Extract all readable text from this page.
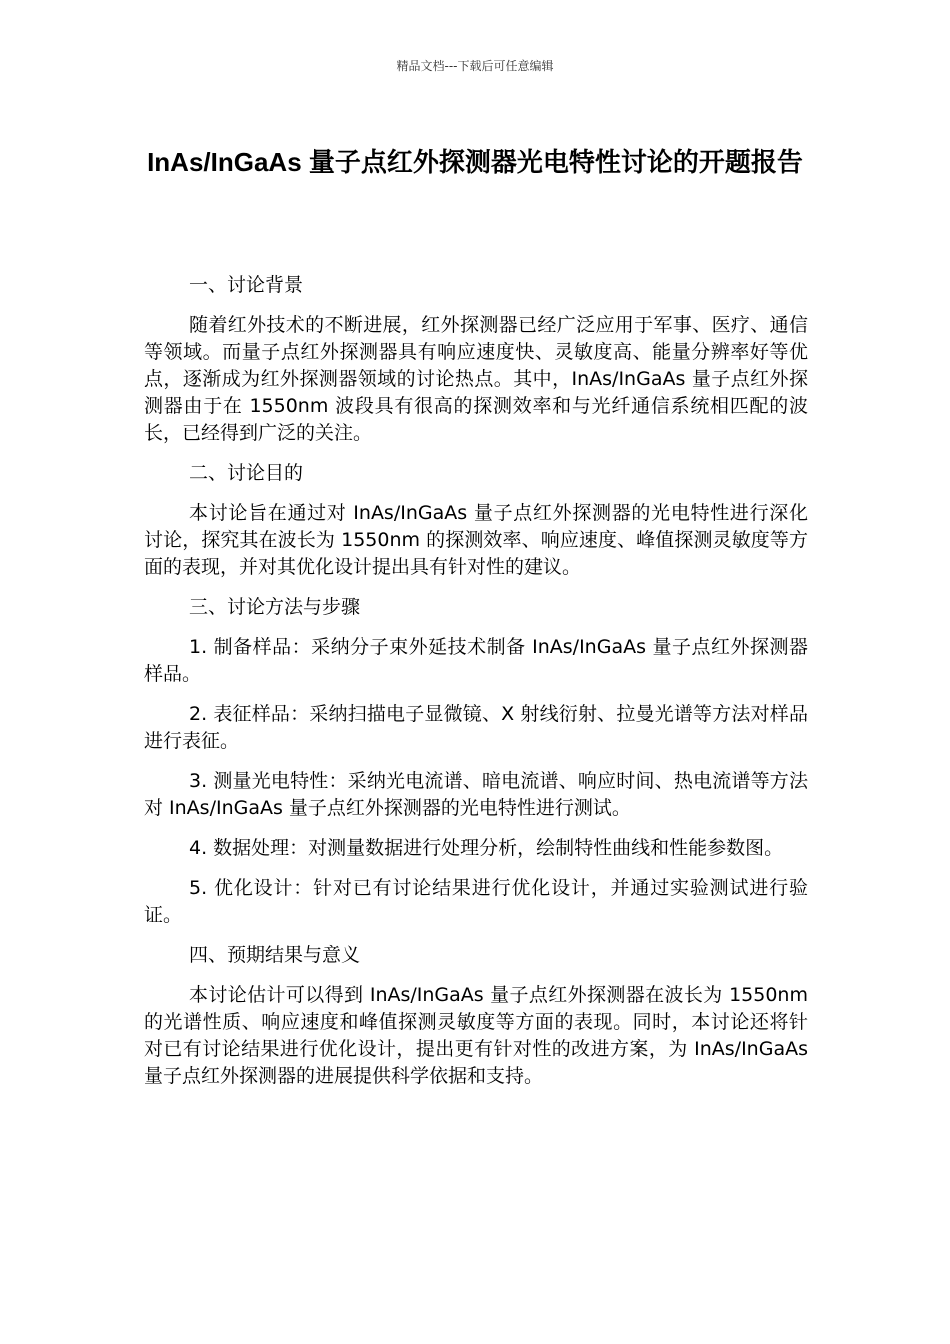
精品文档---下载后可任意编辑
InAs/InGaAs 量子点红外探测器光电特性讨论的开题报告

一、讨论背景

随着红外技术的不断进展，红外探测器已经广泛应用于军事、医疗、通信等领域。而量子点红外探测器具有响应速度快、灵敏度高、能量分辨率好等优点，逐渐成为红外探测器领域的讨论热点。其中，InAs/InGaAs 量子点红外探测器由于在 1550nm 波段具有很高的探测效率和与光纤通信系统相匹配的波长，已经得到广泛的关注。

二、讨论目的

本讨论旨在通过对 InAs/InGaAs 量子点红外探测器的光电特性进行深化讨论，探究其在波长为 1550nm 的探测效率、响应速度、峰值探测灵敏度等方面的表现，并对其优化设计提出具有针对性的建议。

三、讨论方法与步骤

1. 制备样品：采纳分子束外延技术制备 InAs/InGaAs 量子点红外探测器样品。

2. 表征样品：采纳扫描电子显微镜、X 射线衍射、拉曼光谱等方法对样品进行表征。

3. 测量光电特性：采纳光电流谱、暗电流谱、响应时间、热电流谱等方法对 InAs/InGaAs 量子点红外探测器的光电特性进行测试。

4. 数据处理：对测量数据进行处理分析，绘制特性曲线和性能参数图。

5. 优化设计：针对已有讨论结果进行优化设计，并通过实验测试进行验证。

四、预期结果与意义

本讨论估计可以得到 InAs/InGaAs 量子点红外探测器在波长为 1550nm 的光谱性质、响应速度和峰值探测灵敏度等方面的表现。同时，本讨论还将针对已有讨论结果进行优化设计，提出更有针对性的改进方案，为 InAs/InGaAs 量子点红外探测器的进展提供科学依据和支持。
